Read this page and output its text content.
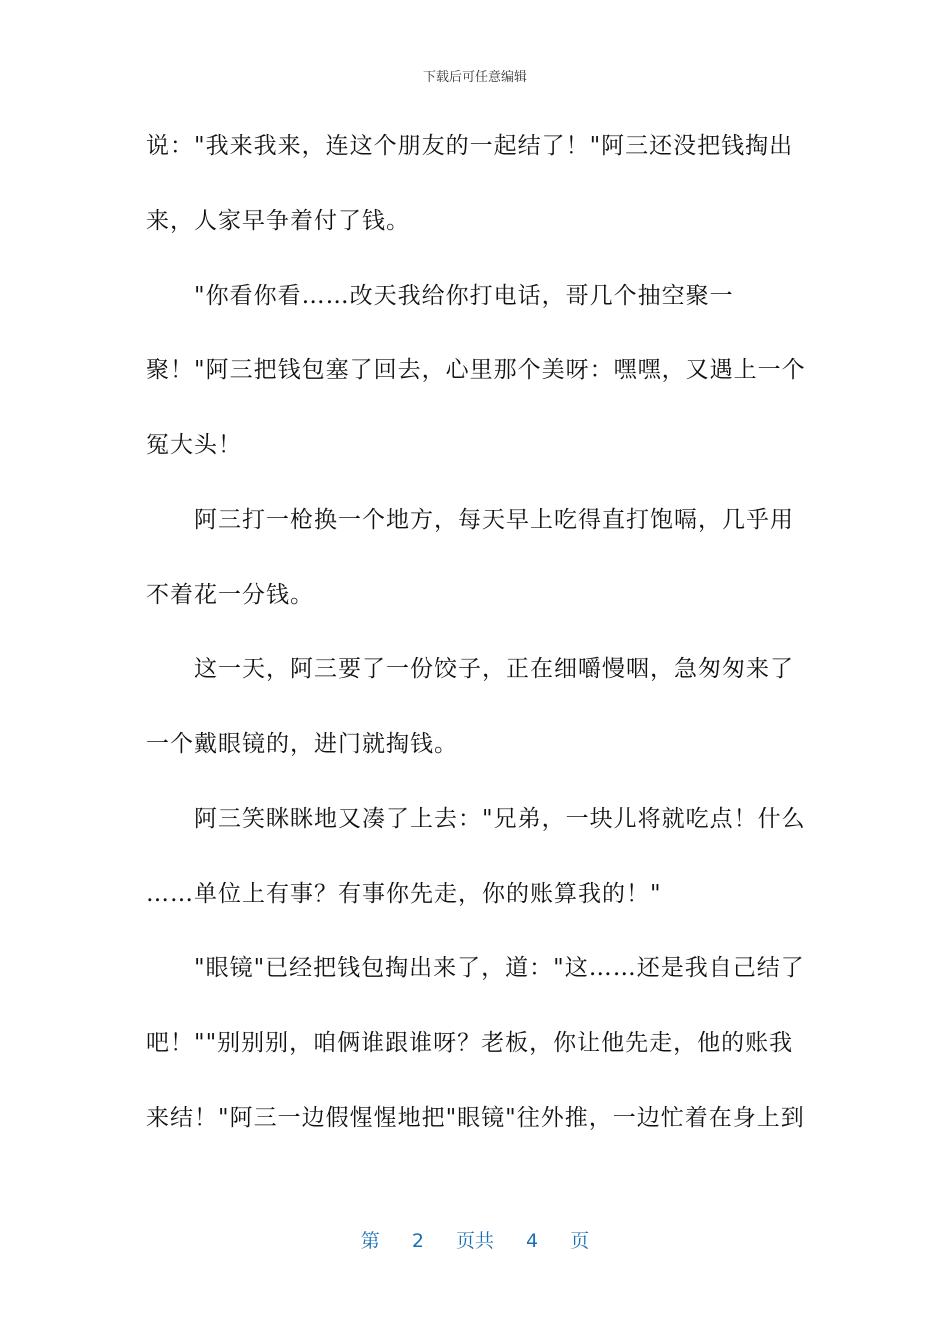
下载后可任意编辑
说："我来我来，连这个朋友的一起结了！"阿三还没把钱掏出
来，人家早争着付了钱。
"你看你看……改天我给你打电话，哥几个抽空聚一
聚！"阿三把钱包塞了回去，心里那个美呀：嘿嘿，又遇上一个
冤大头！
阿三打一枪换一个地方，每天早上吃得直打饱嗝，几乎用
不着花一分钱。
这一天，阿三要了一份饺子，正在细嚼慢咽，急匆匆来了
一个戴眼镜的，进门就掏钱。
阿三笑眯眯地又凑了上去："兄弟，一块儿将就吃点！什么
……单位上有事？有事你先走，你的账算我的！"
"眼镜"已经把钱包掏出来了，道："这……还是我自己结了
吧！""别别别，咱俩谁跟谁呀？老板，你让他先走，他的账我
来结！"阿三一边假惺惺地把"眼镜"往外推，一边忙着在身上到
第 2 页共 4 页
